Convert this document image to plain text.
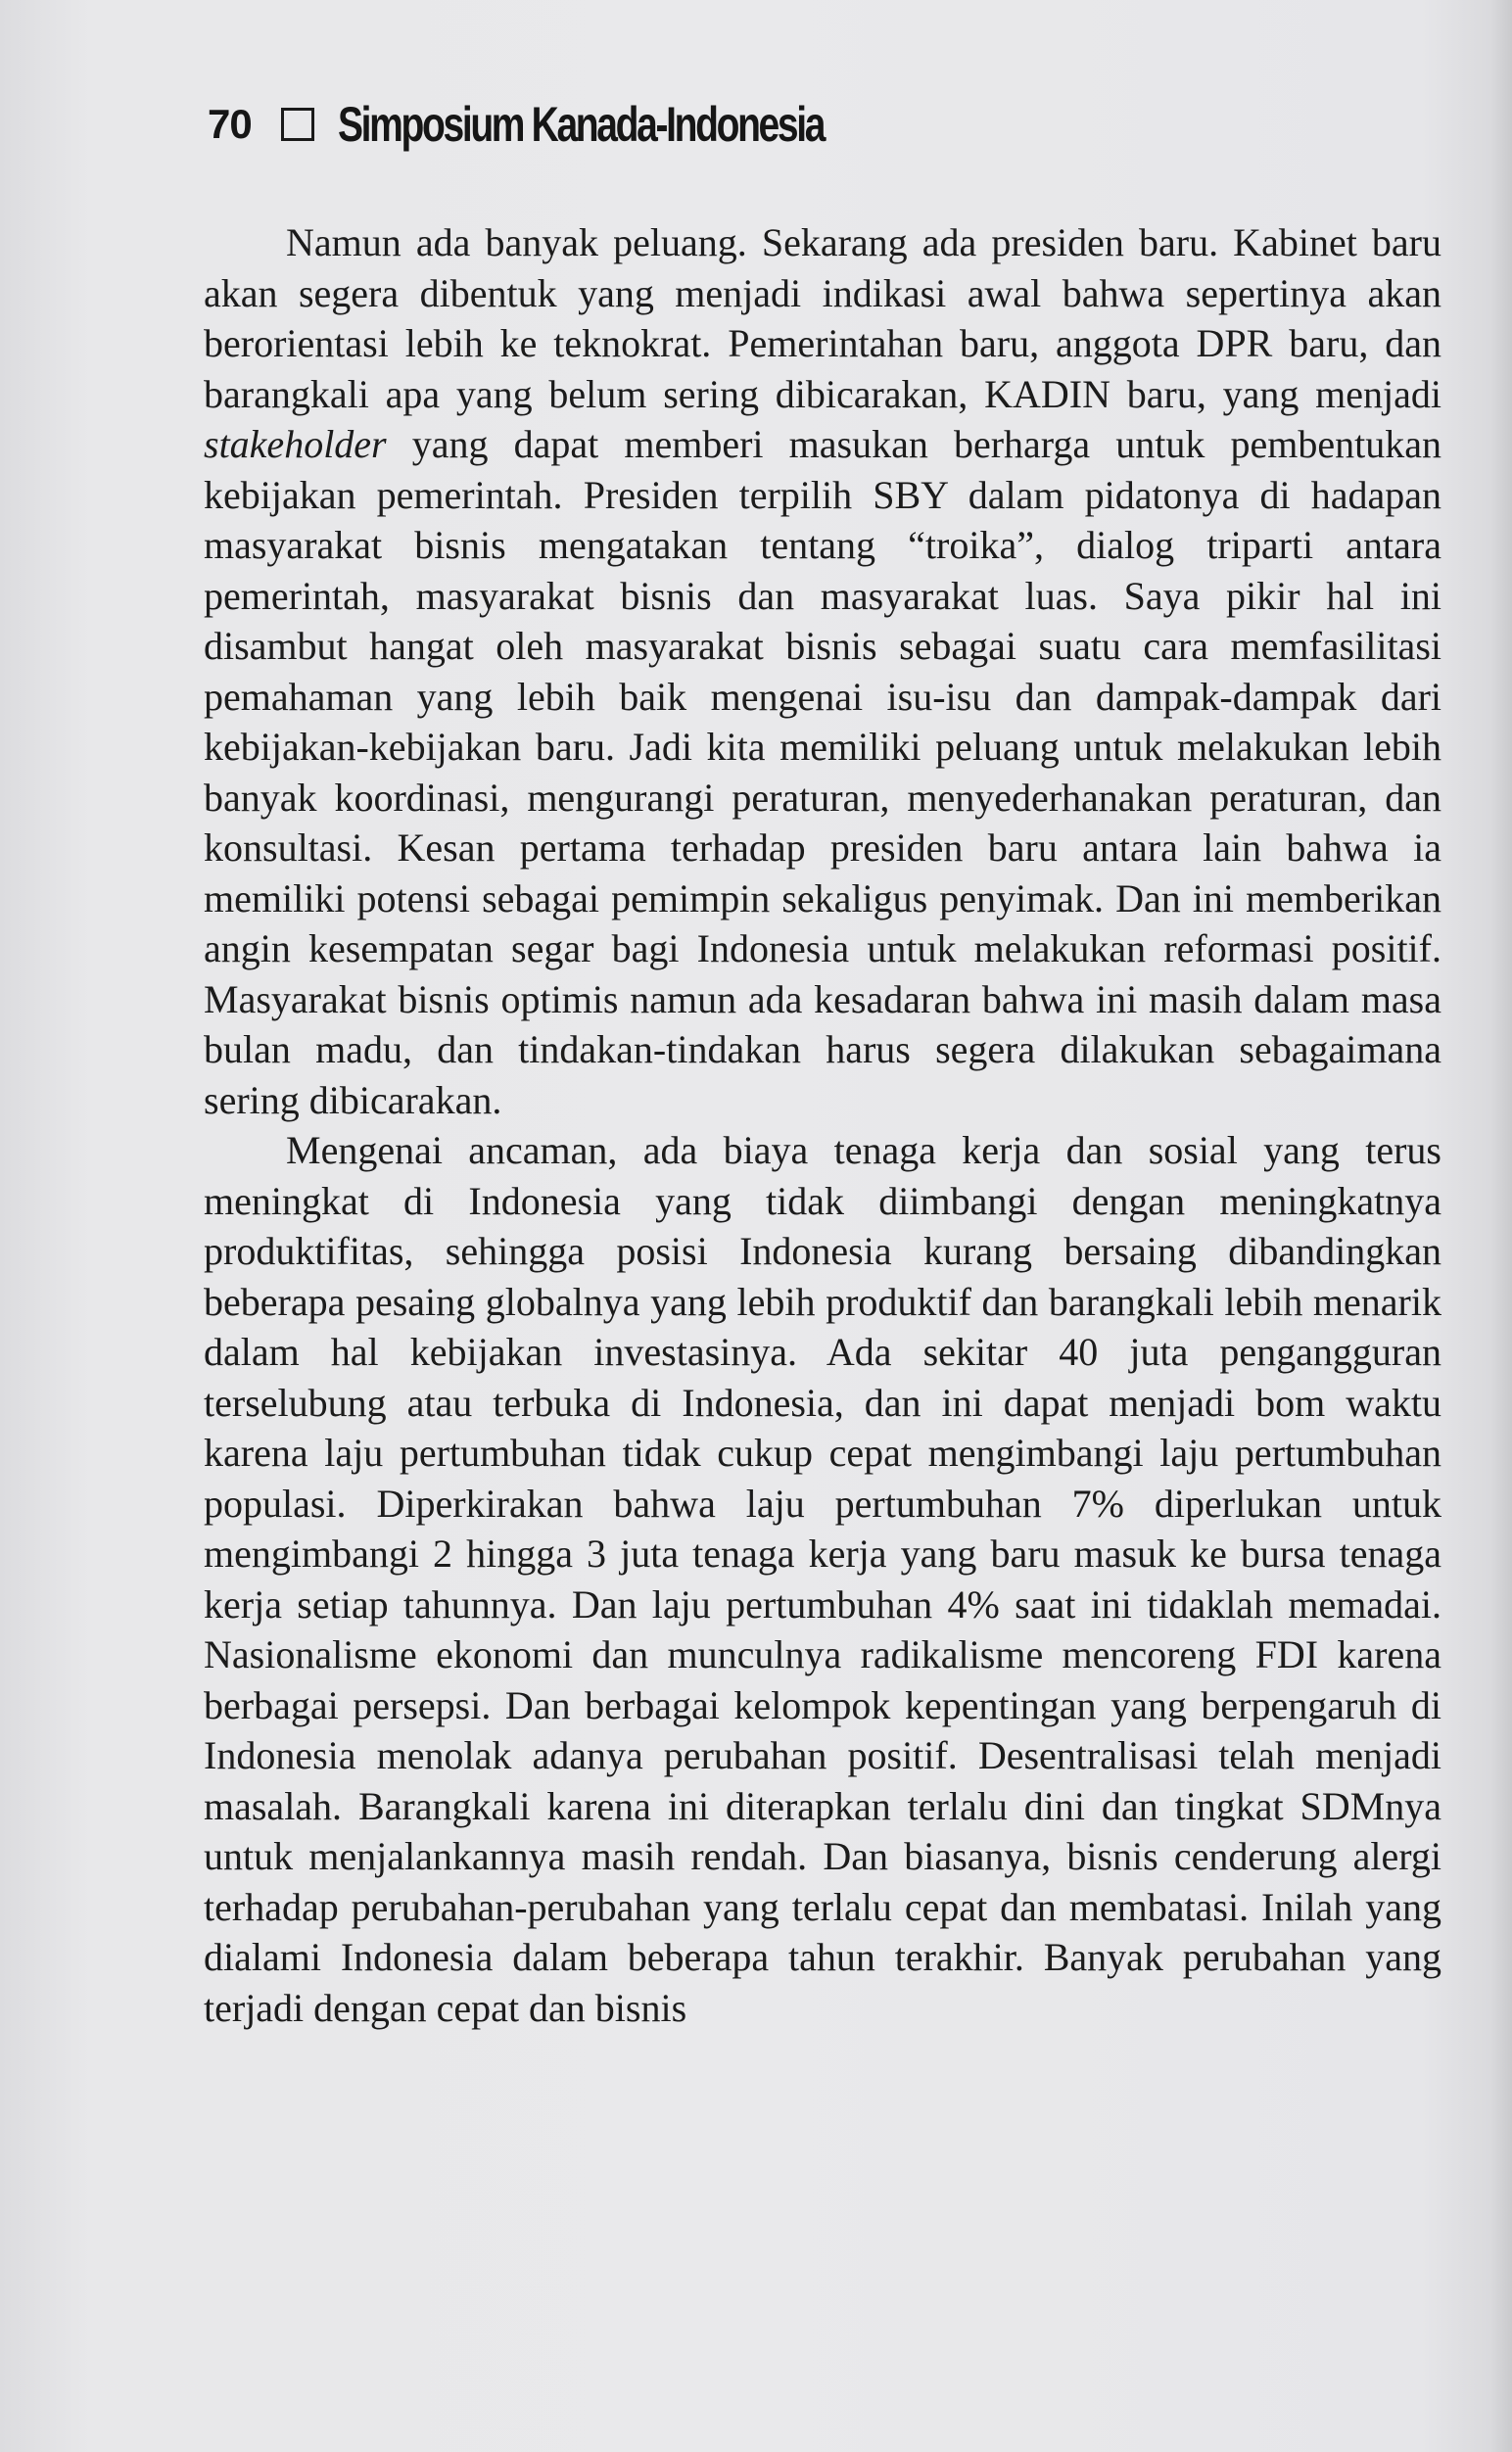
70 Simposium Kanada-Indonesia

Namun ada banyak peluang. Sekarang ada presiden baru. Kabinet baru akan segera dibentuk yang menjadi indikasi awal bahwa sepertinya akan berorientasi lebih ke teknokrat. Pemerintahan baru, anggota DPR baru, dan barangkali apa yang belum sering dibicarakan, KADIN baru, yang menjadi stakeholder yang dapat memberi masukan berharga untuk pembentukan kebijakan pemerintah. Presiden terpilih SBY dalam pidatonya di hadapan masyarakat bisnis mengatakan tentang “troika”, dialog triparti antara pemerintah, masyarakat bisnis dan masyarakat luas. Saya pikir hal ini disambut hangat oleh masyarakat bisnis sebagai suatu cara memfasilitasi pemahaman yang lebih baik mengenai isu-isu dan dampak-dampak dari kebijakan-kebijakan baru. Jadi kita memiliki peluang untuk melakukan lebih banyak koordinasi, mengurangi peraturan, menyederhanakan peraturan, dan konsultasi. Kesan pertama terhadap presiden baru antara lain bahwa ia memiliki potensi sebagai pemimpin sekaligus penyimak. Dan ini memberikan angin kesempatan segar bagi Indonesia untuk melakukan reformasi positif. Masyarakat bisnis optimis namun ada kesadaran bahwa ini masih dalam masa bulan madu, dan tindakan-tindakan harus segera dilakukan sebagaimana sering dibicarakan.

Mengenai ancaman, ada biaya tenaga kerja dan sosial yang terus meningkat di Indonesia yang tidak diimbangi dengan meningkatnya produktifitas, sehingga posisi Indonesia kurang bersaing dibandingkan beberapa pesaing globalnya yang lebih produktif dan barangkali lebih menarik dalam hal kebijakan investasinya. Ada sekitar 40 juta pengangguran terselubung atau terbuka di Indonesia, dan ini dapat menjadi bom waktu karena laju pertumbuhan tidak cukup cepat mengimbangi laju pertumbuhan populasi. Diperkirakan bahwa laju pertumbuhan 7% diperlukan untuk mengimbangi 2 hingga 3 juta tenaga kerja yang baru masuk ke bursa tenaga kerja setiap tahunnya. Dan laju pertumbuhan 4% saat ini tidaklah memadai. Nasionalisme ekonomi dan munculnya radikalisme mencoreng FDI karena berbagai persepsi. Dan berbagai kelompok kepentingan yang berpengaruh di Indonesia menolak adanya perubahan positif. Desentralisasi telah menjadi masalah. Barangkali karena ini diterapkan terlalu dini dan tingkat SDMnya untuk menjalankannya masih rendah. Dan biasanya, bisnis cenderung alergi terhadap perubahan-perubahan yang terlalu cepat dan membatasi. Inilah yang dialami Indonesia dalam beberapa tahun terakhir. Banyak perubahan yang terjadi dengan cepat dan bisnis
